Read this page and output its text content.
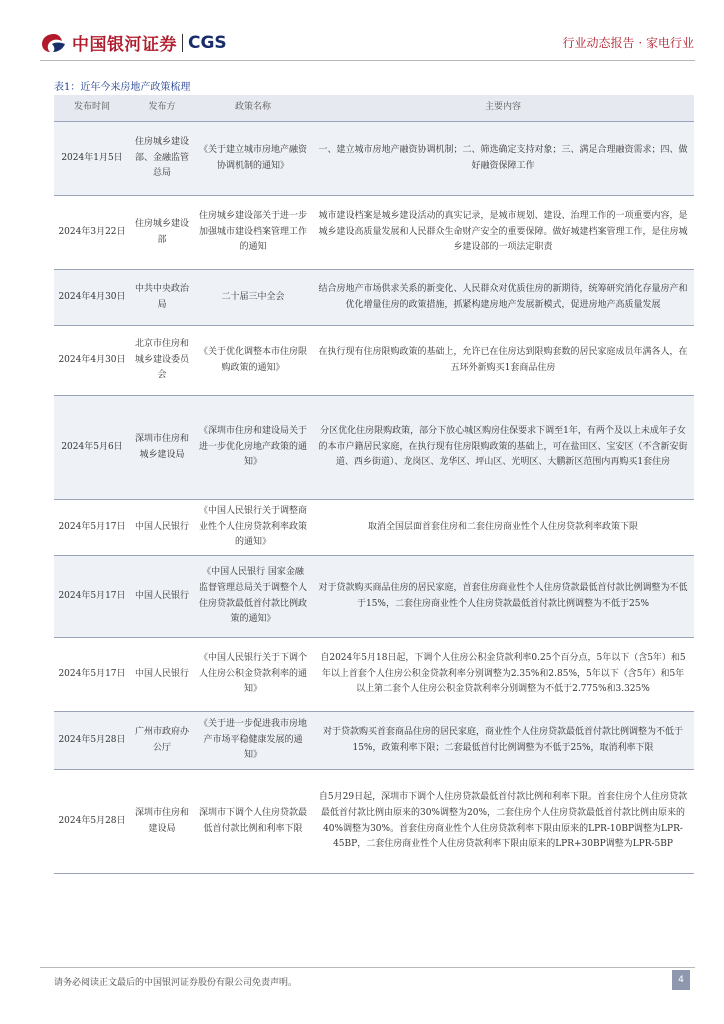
中国银河证券 CGS	行业动态报告 · 家电行业
表1：近年今来房地产政策梳理
发布时间	发布方	政策名称	主要内容
2024年1月5日	住房城乡建设部、金融监管总局	《关于建立城市房地产融资协调机制的通知》	一、建立城市房地产融资协调机制；二、筛选确定支持对象；三、满足合理融资需求；四、做好融资保障工作
2024年3月22日	住房城乡建设部	住房城乡建设部关于进一步加强城市建设档案管理工作的通知	城市建设档案是城乡建设活动的真实记录，是城市规划、建设、治理工作的一项重要内容，是城乡建设高质量发展和人民群众生命财产安全的重要保障。做好城建档案管理工作，是住房城乡建设部的一项法定职责
2024年4月30日	中共中央政治局	二十届三中全会	结合房地产市场供求关系的新变化、人民群众对优质住房的新期待，统筹研究消化存量房产和优化增量住房的政策措施，抓紧构建房地产发展新模式，促进房地产高质量发展
2024年4月30日	北京市住房和城乡建设委员会	《关于优化调整本市住房限购政策的通知》	在执行现有住房限购政策的基础上，允许已在住房达到限购套数的居民家庭成员年满各人，在五环外新购买1套商品住房
2024年5月6日	深圳市住房和城乡建设局	《深圳市住房和建设局关于进一步优化房地产政策的通知》	分区优化住房限购政策，部分下放心城区购房住保要求下调至1年，有两个及以上未成年子女的本市户籍居民家庭，在执行现有住房限购政策的基础上，可在盐田区、宝安区（不含新安街道、西乡街道）、龙岗区、龙华区、坪山区、光明区、大鹏新区范围内再购买1套住房
2024年5月17日	中国人民银行	《中国人民银行关于调整商业性个人住房贷款利率政策的通知》	取消全国层面首套住房和二套住房商业性个人住房贷款利率政策下限
2024年5月17日	中国人民银行	《中国人民银行 国家金融监督管理总局关于调整个人住房贷款最低首付款比例政策的通知》	对于贷款购买商品住房的居民家庭，首套住房商业性个人住房贷款最低首付款比例调整为不低于15%，二套住房商业性个人住房贷款最低首付款比例调整为不低于25%
2024年5月17日	中国人民银行	《中国人民银行关于下调个人住房公积金贷款利率的通知》	自2024年5月18日起，下调个人住房公积金贷款利率0.25个百分点，5年以下（含5年）和5年以上首套个人住房公积金贷款利率分别调整为2.35%和2.85%，5年以下（含5年）和5年以上第二套个人住房公积金贷款利率分别调整为不低于2.775%和3.325%
2024年5月28日	广州市政府办公厅	《关于进一步促进我市房地产市场平稳健康发展的通知》	对于贷款购买首套商品住房的居民家庭，商业性个人住房贷款最低首付款比例调整为不低于15%，政策利率下限；二套最低首付比例调整为不低于25%，取消利率下限
2024年5月28日	深圳市住房和建设局	深圳市下调个人住房贷款最低首付款比例和利率下限	自5月29日起，深圳市下调个人住房贷款最低首付款比例和利率下限。首套住房个人住房贷款最低首付款比例由原来的30%调整为20%，二套住房个人住房贷款最低首付款比例由原来的40%调整为30%。首套住房商业性个人住房贷款利率下限由原来的LPR-10BP调整为LPR-45BP，二套住房商业性个人住房贷款利率下限由原来的LPR+30BP调整为LPR-5BP
请务必阅读正文最后的中国银河证券股份有限公司免责声明。	4
